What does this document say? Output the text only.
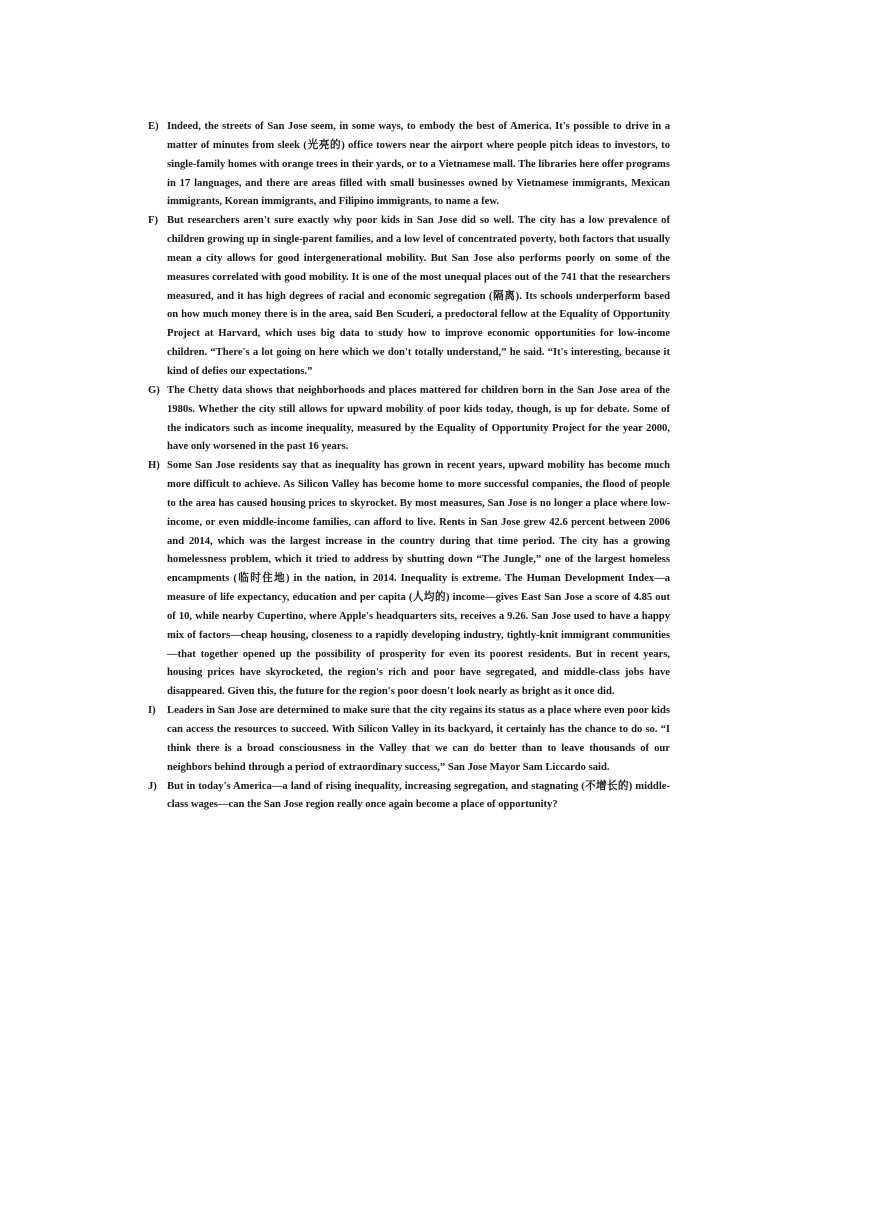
E) Indeed, the streets of San Jose seem, in some ways, to embody the best of America. It's possible to drive in a matter of minutes from sleek (光亮的) office towers near the airport where people pitch ideas to investors, to single-family homes with orange trees in their yards, or to a Vietnamese mall. The libraries here offer programs in 17 languages, and there are areas filled with small businesses owned by Vietnamese immigrants, Mexican immigrants, Korean immigrants, and Filipino immigrants, to name a few.
F) But researchers aren't sure exactly why poor kids in San Jose did so well. The city has a low prevalence of children growing up in single-parent families, and a low level of concentrated poverty, both factors that usually mean a city allows for good intergenerational mobility. But San Jose also performs poorly on some of the measures correlated with good mobility. It is one of the most unequal places out of the 741 that the researchers measured, and it has high degrees of racial and economic segregation (隔离). Its schools underperform based on how much money there is in the area, said Ben Scuderi, a predoctoral fellow at the Equality of Opportunity Project at Harvard, which uses big data to study how to improve economic opportunities for low-income children. “There's a lot going on here which we don't totally understand,” he said. “It's interesting, because it kind of defies our expectations.”
G) The Chetty data shows that neighborhoods and places mattered for children born in the San Jose area of the 1980s. Whether the city still allows for upward mobility of poor kids today, though, is up for debate. Some of the indicators such as income inequality, measured by the Equality of Opportunity Project for the year 2000, have only worsened in the past 16 years.
H) Some San Jose residents say that as inequality has grown in recent years, upward mobility has become much more difficult to achieve. As Silicon Valley has become home to more successful companies, the flood of people to the area has caused housing prices to skyrocket. By most measures, San Jose is no longer a place where low-income, or even middle-income families, can afford to live. Rents in San Jose grew 42.6 percent between 2006 and 2014, which was the largest increase in the country during that time period. The city has a growing homelessness problem, which it tried to address by shutting down “The Jungle,” one of the largest homeless encampments (临时住地) in the nation, in 2014. Inequality is extreme. The Human Development Index—a measure of life expectancy, education and per capita (人均的) income—gives East San Jose a score of 4.85 out of 10, while nearby Cupertino, where Apple's headquarters sits, receives a 9.26. San Jose used to have a happy mix of factors—cheap housing, closeness to a rapidly developing industry, tightly-knit immigrant communities—that together opened up the possibility of prosperity for even its poorest residents. But in recent years, housing prices have skyrocketed, the region's rich and poor have segregated, and middle-class jobs have disappeared. Given this, the future for the region's poor doesn't look nearly as bright as it once did.
I) Leaders in San Jose are determined to make sure that the city regains its status as a place where even poor kids can access the resources to succeed. With Silicon Valley in its backyard, it certainly has the chance to do so. “I think there is a broad consciousness in the Valley that we can do better than to leave thousands of our neighbors behind through a period of extraordinary success,” San Jose Mayor Sam Liccardo said.
J) But in today's America—a land of rising inequality, increasing segregation, and stagnating (不增长的) middle-class wages—can the San Jose region really once again become a place of opportunity?
